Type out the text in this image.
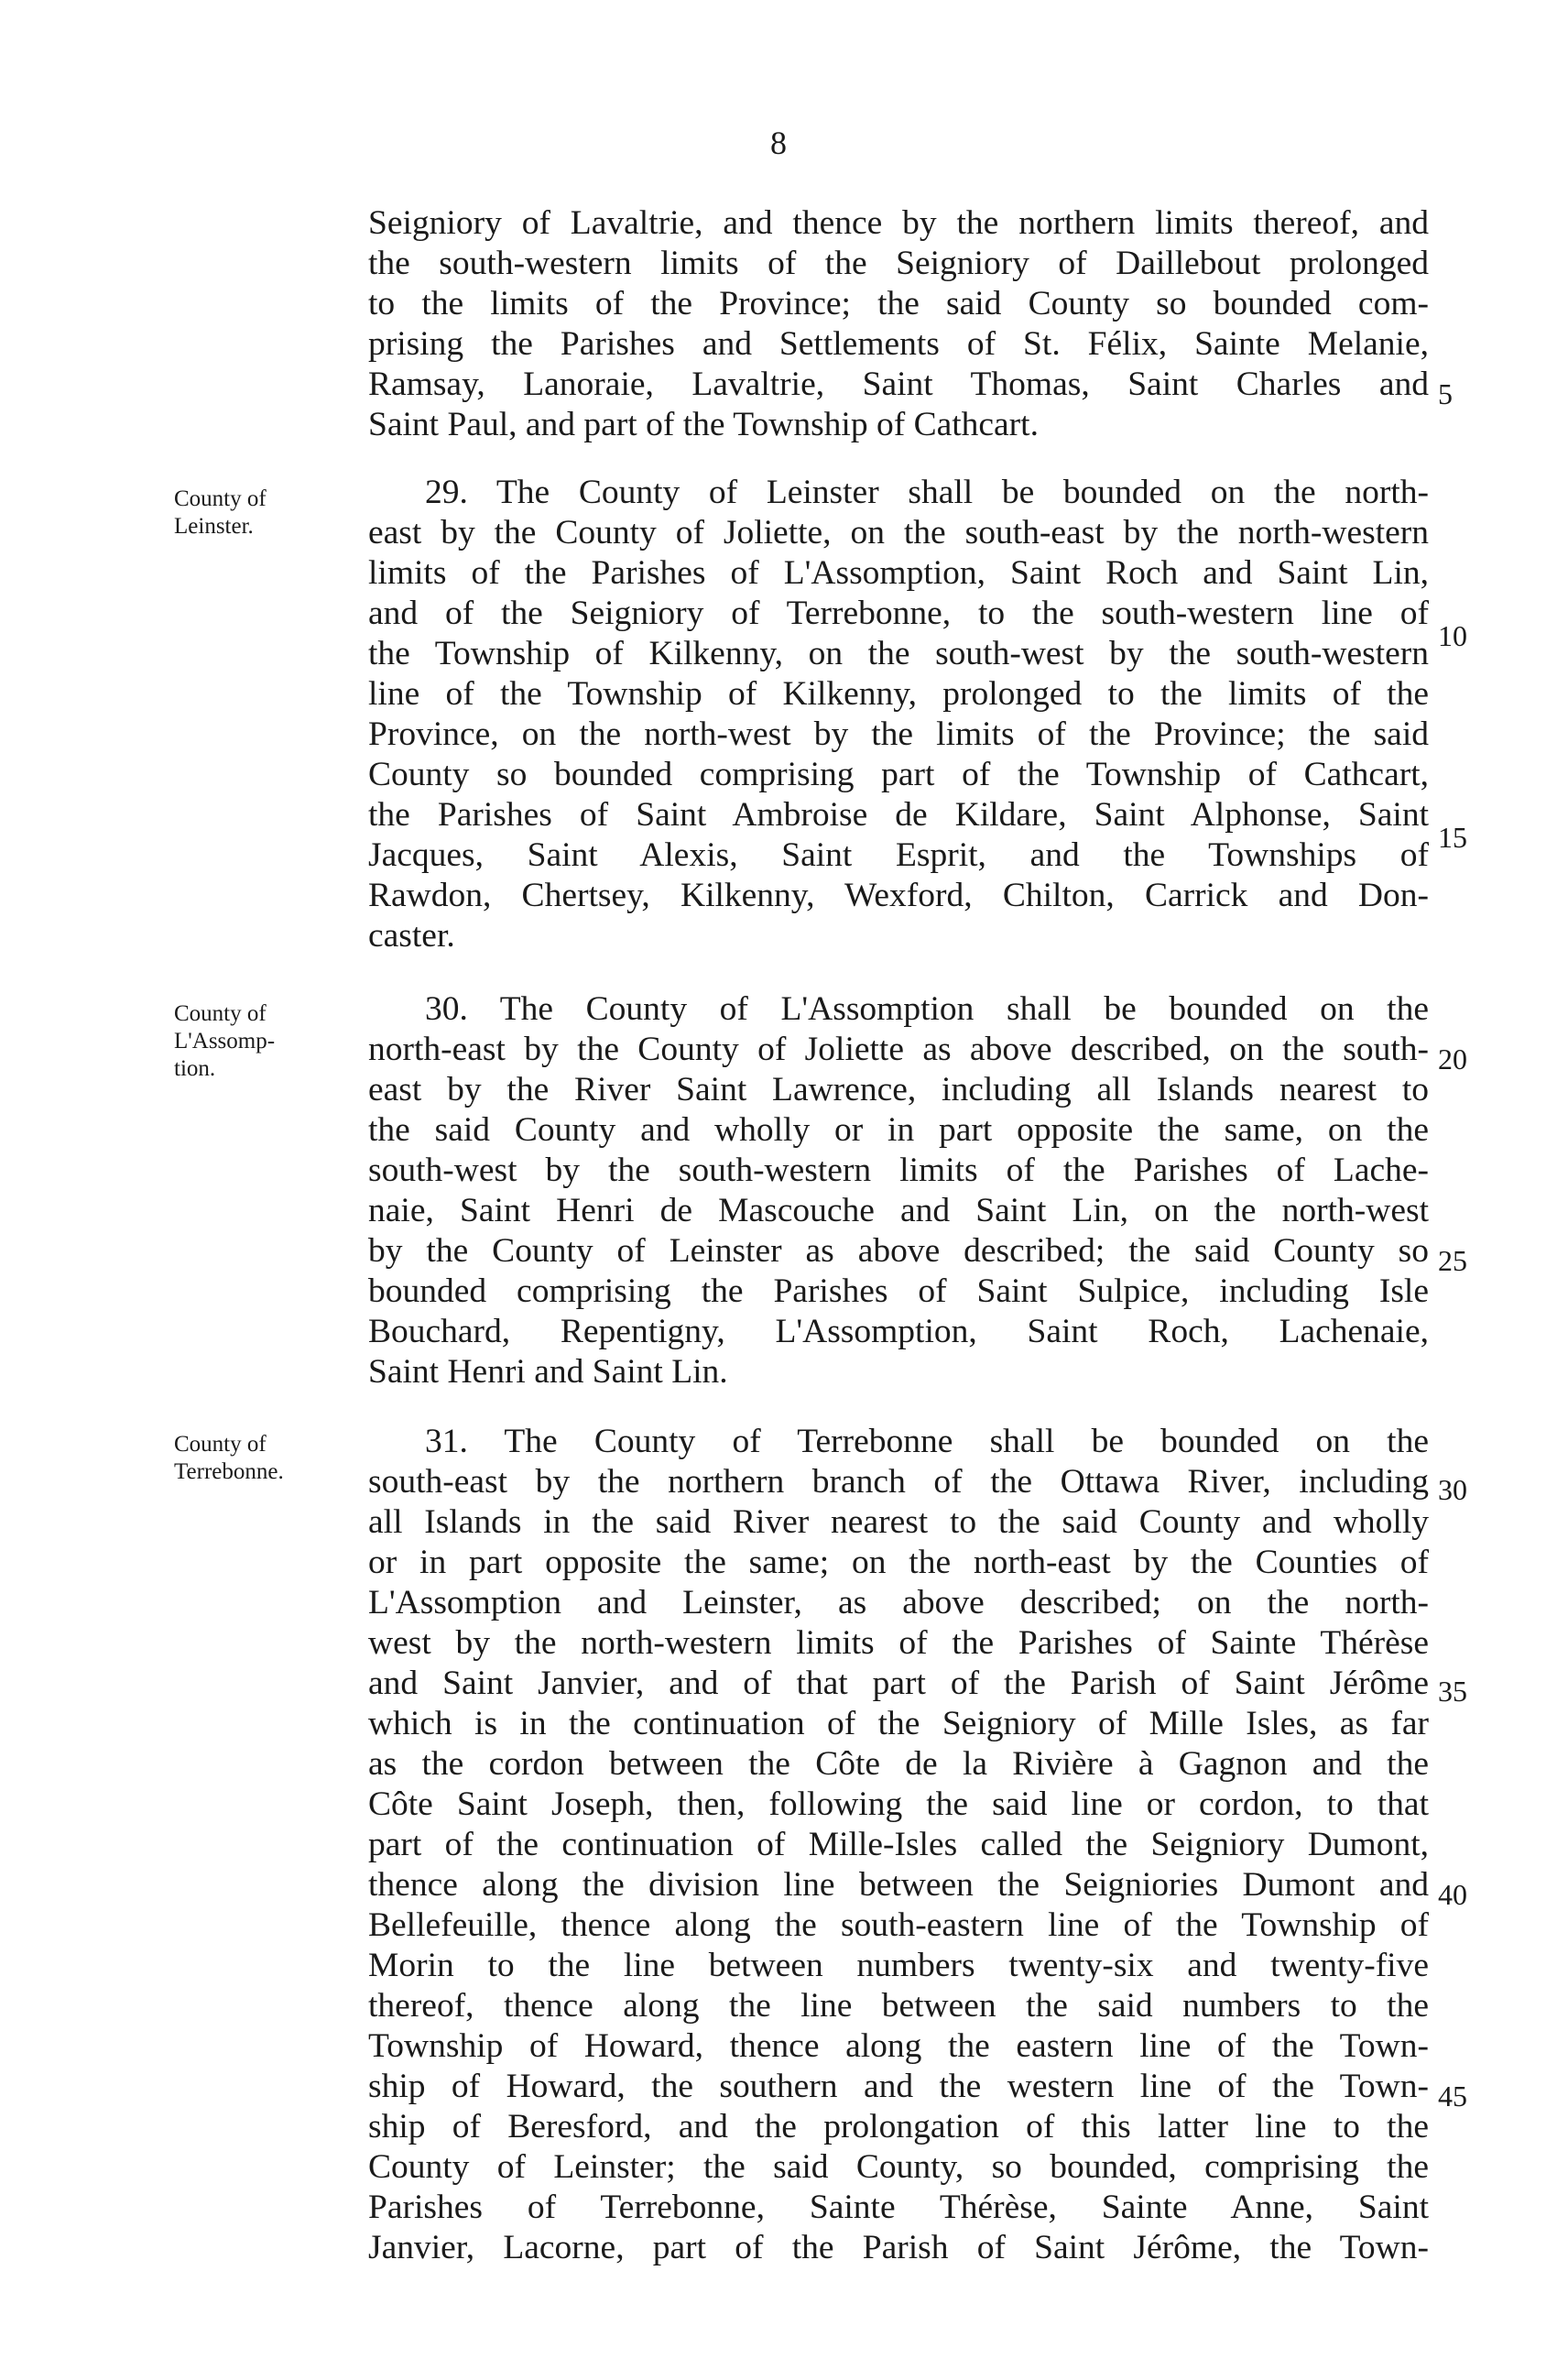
8
Seigniory of Lavaltrie, and thence by the northern limits thereof, and
the south-western limits of the Seigniory of Daillebout prolonged
to the limits of the Province; the said County so bounded com-
prising the Parishes and Settlements of St. Félix, Sainte Melanie,
Ramsay, Lanoraie, Lavaltrie, Saint Thomas, Saint Charles and
Saint Paul, and part of the Township of Cathcart.
County of
Leinster.
29. The County of Leinster shall be bounded on the north-
east by the County of Joliette, on the south-east by the north-western
limits of the Parishes of L'Assomption, Saint Roch and Saint Lin,
and of the Seigniory of Terrebonne, to the south-western line of
the Township of Kilkenny, on the south-west by the south-western
line of the Township of Kilkenny, prolonged to the limits of the
Province, on the north-west by the limits of the Province; the said
County so bounded comprising part of the Township of Cathcart,
the Parishes of Saint Ambroise de Kildare, Saint Alphonse, Saint
Jacques, Saint Alexis, Saint Esprit, and the Townships of
Rawdon, Chertsey, Kilkenny, Wexford, Chilton, Carrick and Don-
caster.
County of
L'Assomp-
tion.
30. The County of L'Assomption shall be bounded on the
north-east by the County of Joliette as above described, on the south-
east by the River Saint Lawrence, including all Islands nearest to
the said County and wholly or in part opposite the same, on the
south-west by the south-western limits of the Parishes of Lache-
naie, Saint Henri de Mascouche and Saint Lin, on the north-west
by the County of Leinster as above described; the said County so
bounded comprising the Parishes of Saint Sulpice, including Isle
Bouchard, Repentigny, L'Assomption, Saint Roch, Lachenaie,
Saint Henri and Saint Lin.
County of
Terrebonne.
31. The County of Terrebonne shall be bounded on the
south-east by the northern branch of the Ottawa River, including
all Islands in the said River nearest to the said County and wholly
or in part opposite the same; on the north-east by the Counties of
L'Assomption and Leinster, as above described; on the north-
west by the north-western limits of the Parishes of Sainte Thérèse
and Saint Janvier, and of that part of the Parish of Saint Jérôme
which is in the continuation of the Seigniory of Mille Isles, as far
as the cordon between the Côte de la Rivière à Gagnon and the
Côte Saint Joseph, then, following the said line or cordon, to that
part of the continuation of Mille-Isles called the Seigniory Dumont,
thence along the division line between the Seigniories Dumont and
Bellefeuille, thence along the south-eastern line of the Township of
Morin to the line between numbers twenty-six and twenty-five
thereof, thence along the line between the said numbers to the
Township of Howard, thence along the eastern line of the Town-
ship of Howard, the southern and the western line of the Town-
ship of Beresford, and the prolongation of this latter line to the
County of Leinster; the said County, so bounded, comprising the
Parishes of Terrebonne, Sainte Thérèse, Sainte Anne, Saint
Janvier, Lacorne, part of the Parish of Saint Jérôme, the Town-
5
10
15
20
25
30
35
40
45
